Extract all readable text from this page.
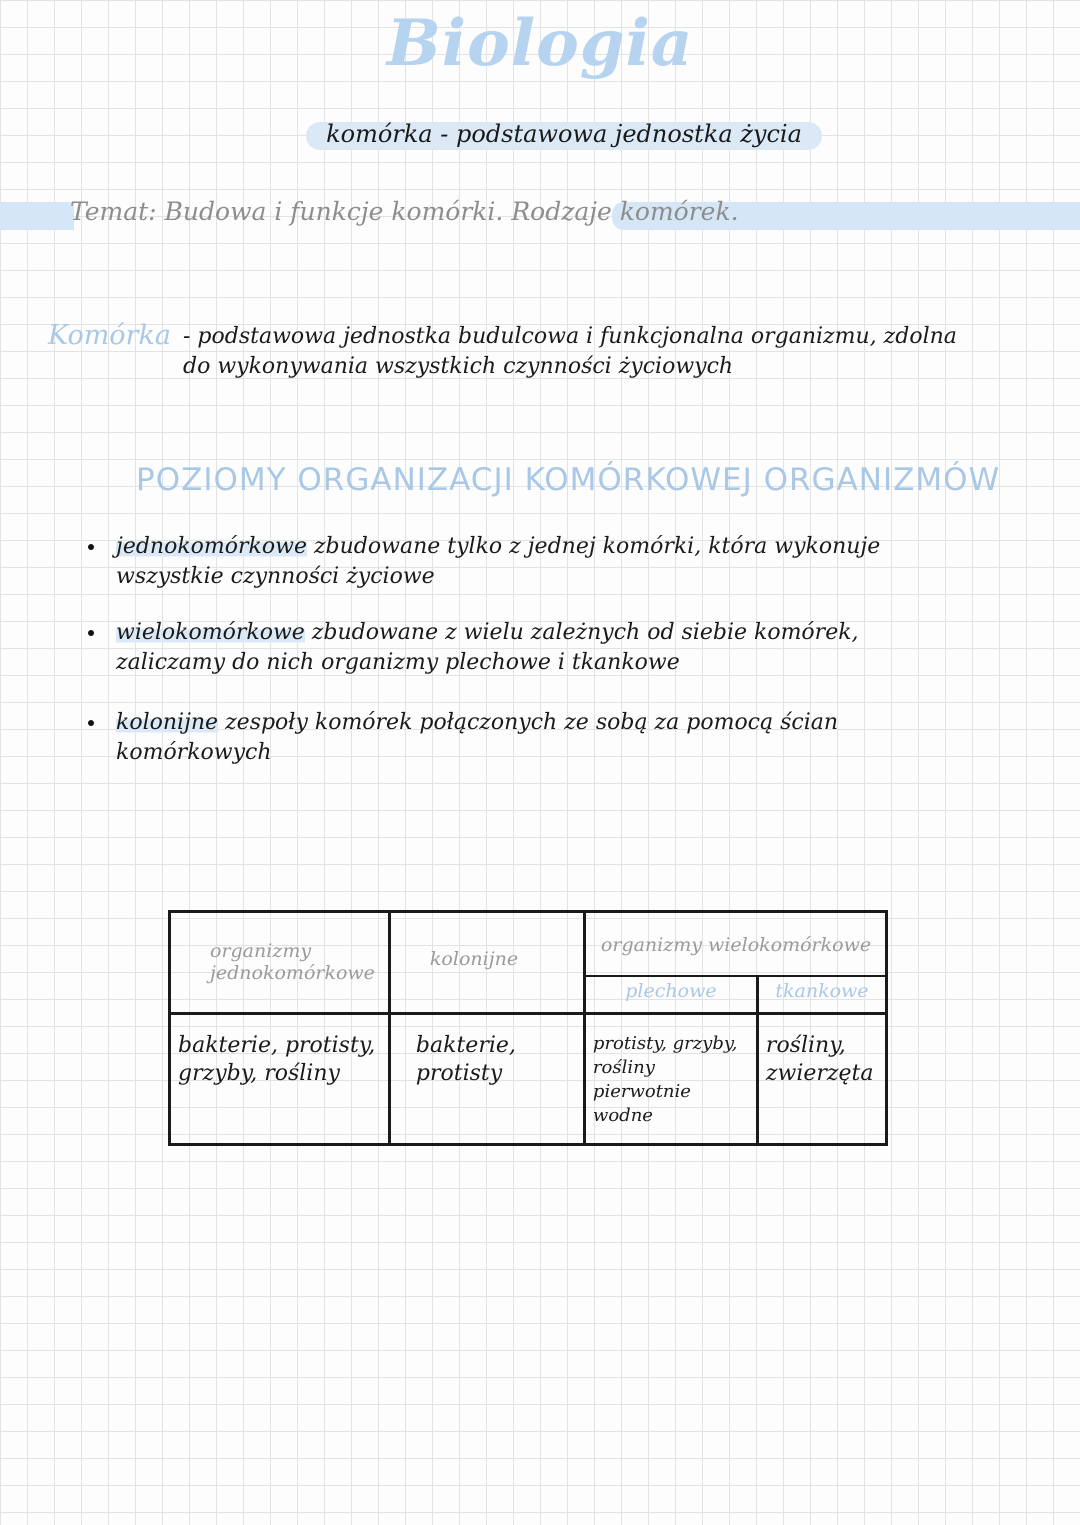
Biologia
komórka - podstawowa jednostka życia
Temat: Budowa i funkcje komórki. Rodzaje komórek.
Komórka - podstawowa jednostka budulcowa i funkcjonalna organizmu, zdolna do wykonywania wszystkich czynności życiowych
POZIOMY ORGANIZACJI KOMÓRKOWEJ ORGANIZMÓW
jednokomórkowe zbudowane tylko z jednej komórki, która wykonuje wszystkie czynności życiowe
wielokomórkowe zbudowane z wielu zależnych od siebie komórek, zaliczamy do nich organizmy plechowe i tkankowe
kolonijne zespoły komórek połączonych ze sobą za pomocą ścian komórkowych
organizmy jednokomórkowe	kolonijne	organizmy wielokomórkowe	

		plechowe	tkankowe

bakterie, protisty, grzyby, rośliny	bakterie, protisty	protisty, grzyby, rośliny pierwotnie wodne	rośliny, zwierzęta
